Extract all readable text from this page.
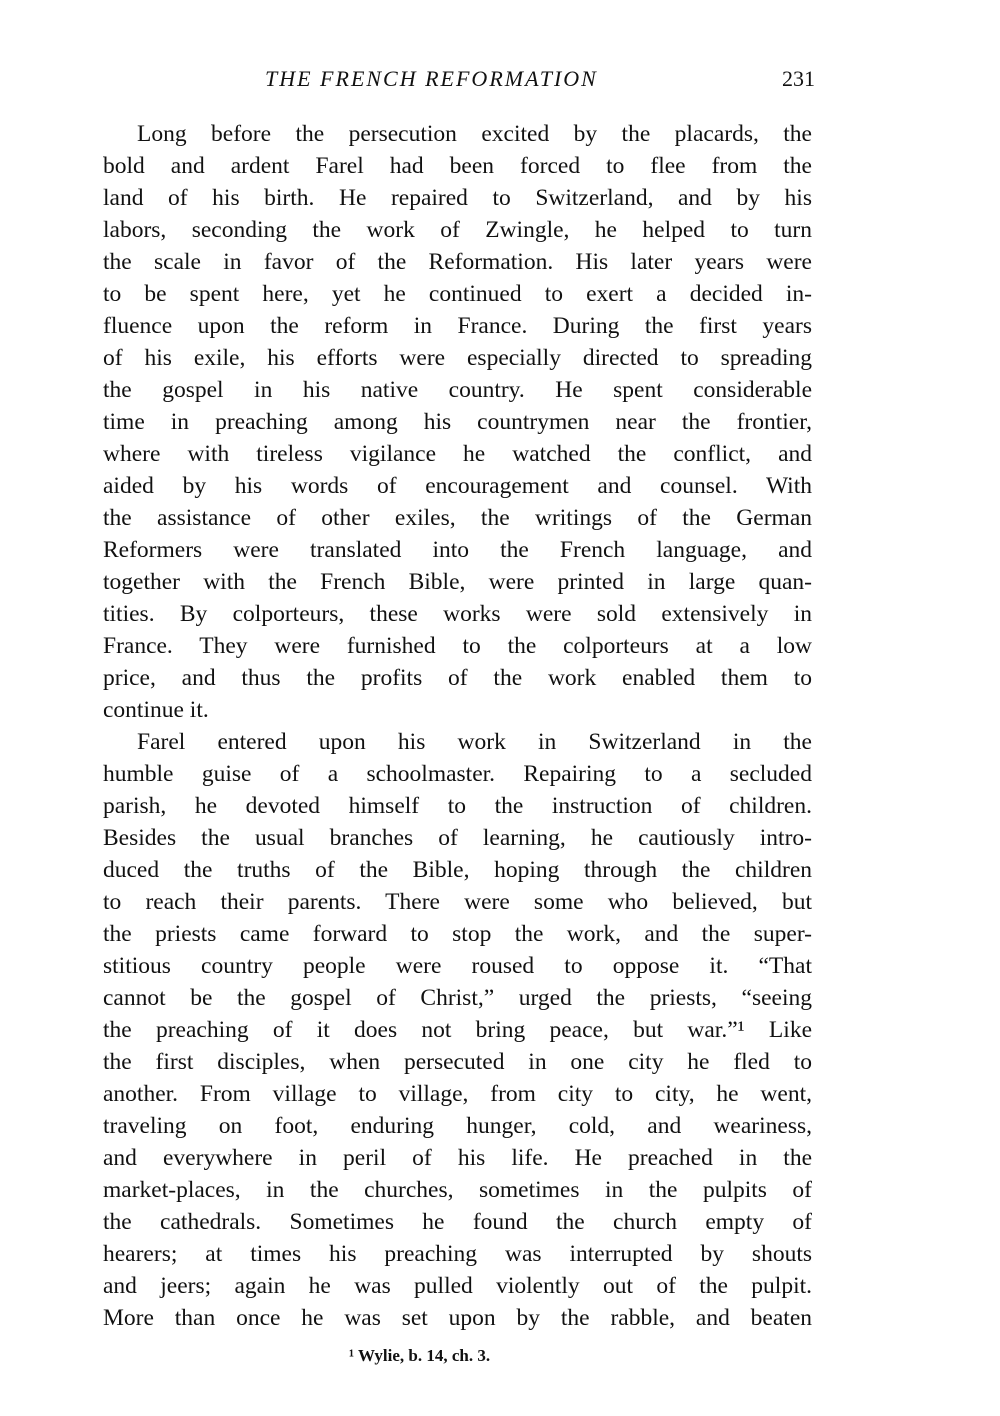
THE FRENCH REFORMATION	231
Long before the persecution excited by the placards, the
bold and ardent Farel had been forced to flee from the
land of his birth. He repaired to Switzerland, and by his
labors, seconding the work of Zwingle, he helped to turn
the scale in favor of the Reformation. His later years were
to be spent here, yet he continued to exert a decided in-
fluence upon the reform in France. During the first years
of his exile, his efforts were especially directed to spreading
the gospel in his native country. He spent considerable
time in preaching among his countrymen near the frontier,
where with tireless vigilance he watched the conflict, and
aided by his words of encouragement and counsel. With
the assistance of other exiles, the writings of the German
Reformers were translated into the French language, and
together with the French Bible, were printed in large quan-
tities. By colporteurs, these works were sold extensively in
France. They were furnished to the colporteurs at a low
price, and thus the profits of the work enabled them to
continue it.
Farel entered upon his work in Switzerland in the
humble guise of a schoolmaster. Repairing to a secluded
parish, he devoted himself to the instruction of children.
Besides the usual branches of learning, he cautiously intro-
duced the truths of the Bible, hoping through the children
to reach their parents. There were some who believed, but
the priests came forward to stop the work, and the super-
stitious country people were roused to oppose it. “That
cannot be the gospel of Christ,” urged the priests, “seeing
the preaching of it does not bring peace, but war.”¹ Like
the first disciples, when persecuted in one city he fled to
another. From village to village, from city to city, he went,
traveling on foot, enduring hunger, cold, and weariness,
and everywhere in peril of his life. He preached in the
market-places, in the churches, sometimes in the pulpits of
the cathedrals. Sometimes he found the church empty of
hearers; at times his preaching was interrupted by shouts
and jeers; again he was pulled violently out of the pulpit.
More than once he was set upon by the rabble, and beaten
¹ Wylie, b. 14, ch. 3.
